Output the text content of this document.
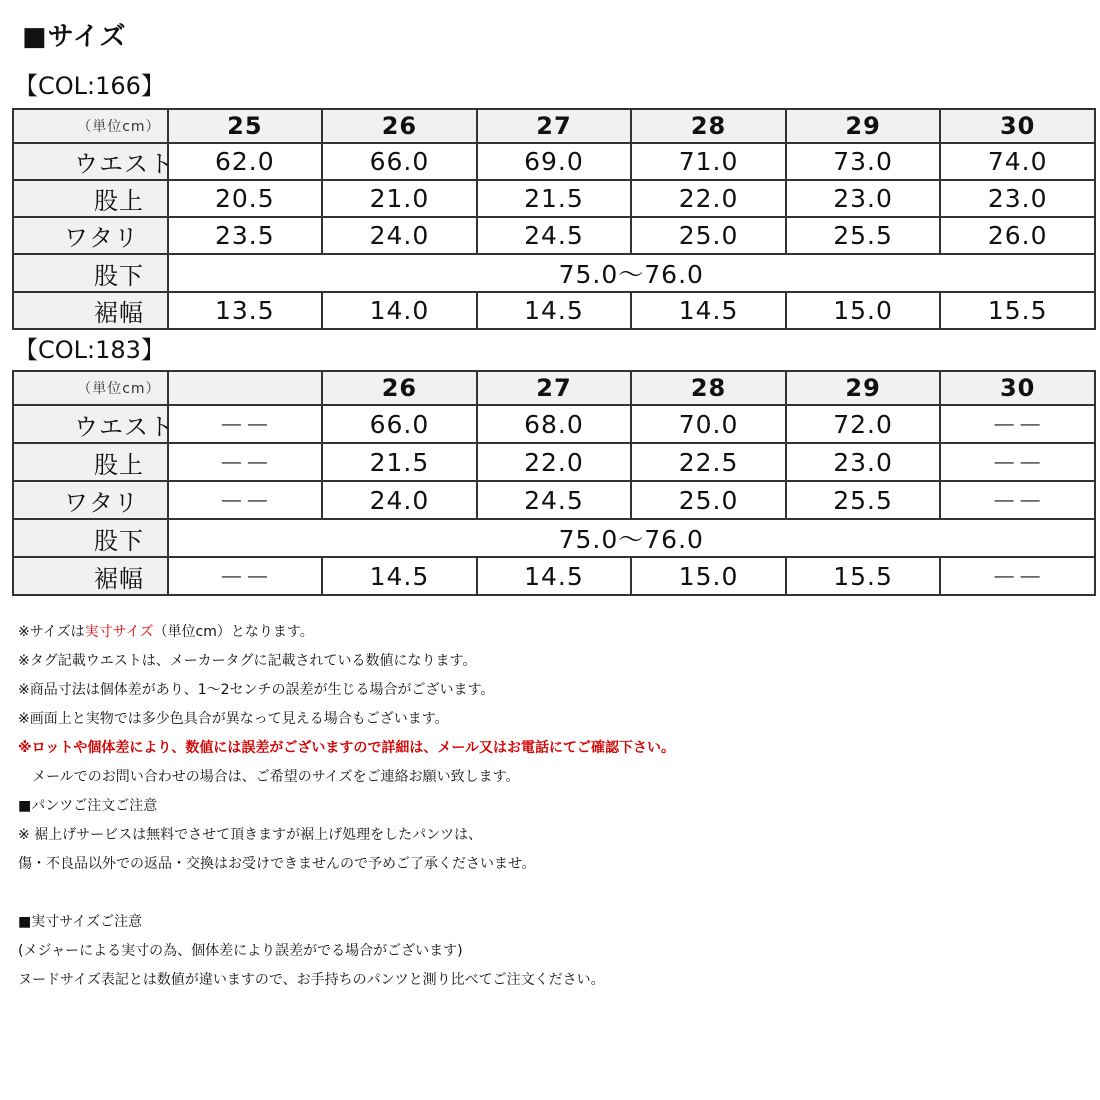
■サイズ
【COL:166】
（単位cm）	25	26	27	28	29	30

ウ エ ス ト	62.0	66.0	69.0	71.0	73.0	74.0

股 上	20.5	21.0	21.5	22.0	23.0	23.0

ワ タ リ	23.5	24.0	24.5	25.0	25.5	26.0

股 下	75.0～76.0					

裾 幅	13.5	14.0	14.5	14.5	15.0	15.5
【COL:183】
（単位cm）		26	27	28	29	30

ウ エ ス ト	－－	66.0	68.0	70.0	72.0	－－

股 上	－－	21.5	22.0	22.5	23.0	－－

ワ タ リ	－－	24.0	24.5	25.0	25.5	－－

股 下	75.0～76.0					

裾 幅	－－	14.5	14.5	15.0	15.5	－－

※サイズは実寸サイズ（単位cm）となります。

※タグ記載ウエストは、メーカータグに記載されている数値になります。

※商品寸法は個体差があり、1～2センチの誤差が生じる場合がございます。

※画面上と実物では多少色具合が異なって見える場合もございます。

※ロットや個体差により、数値には誤差がございますので詳細は、メール又はお電話にてご確認下さい。

　メールでのお問い合わせの場合は、ご希望のサイズをご連絡お願い致します。

■パンツご注文ご注意

※ 裾上げサービスは無料でさせて頂きますが裾上げ処理をしたパンツは、

傷・不良品以外での返品・交換はお受けできませんので予めご了承くださいませ。

■実寸サイズご注意

(メジャーによる実寸の為、個体差により誤差がでる場合がございます)

ヌードサイズ表記とは数値が違いますので、お手持ちのパンツと測り比べてご注文ください。
